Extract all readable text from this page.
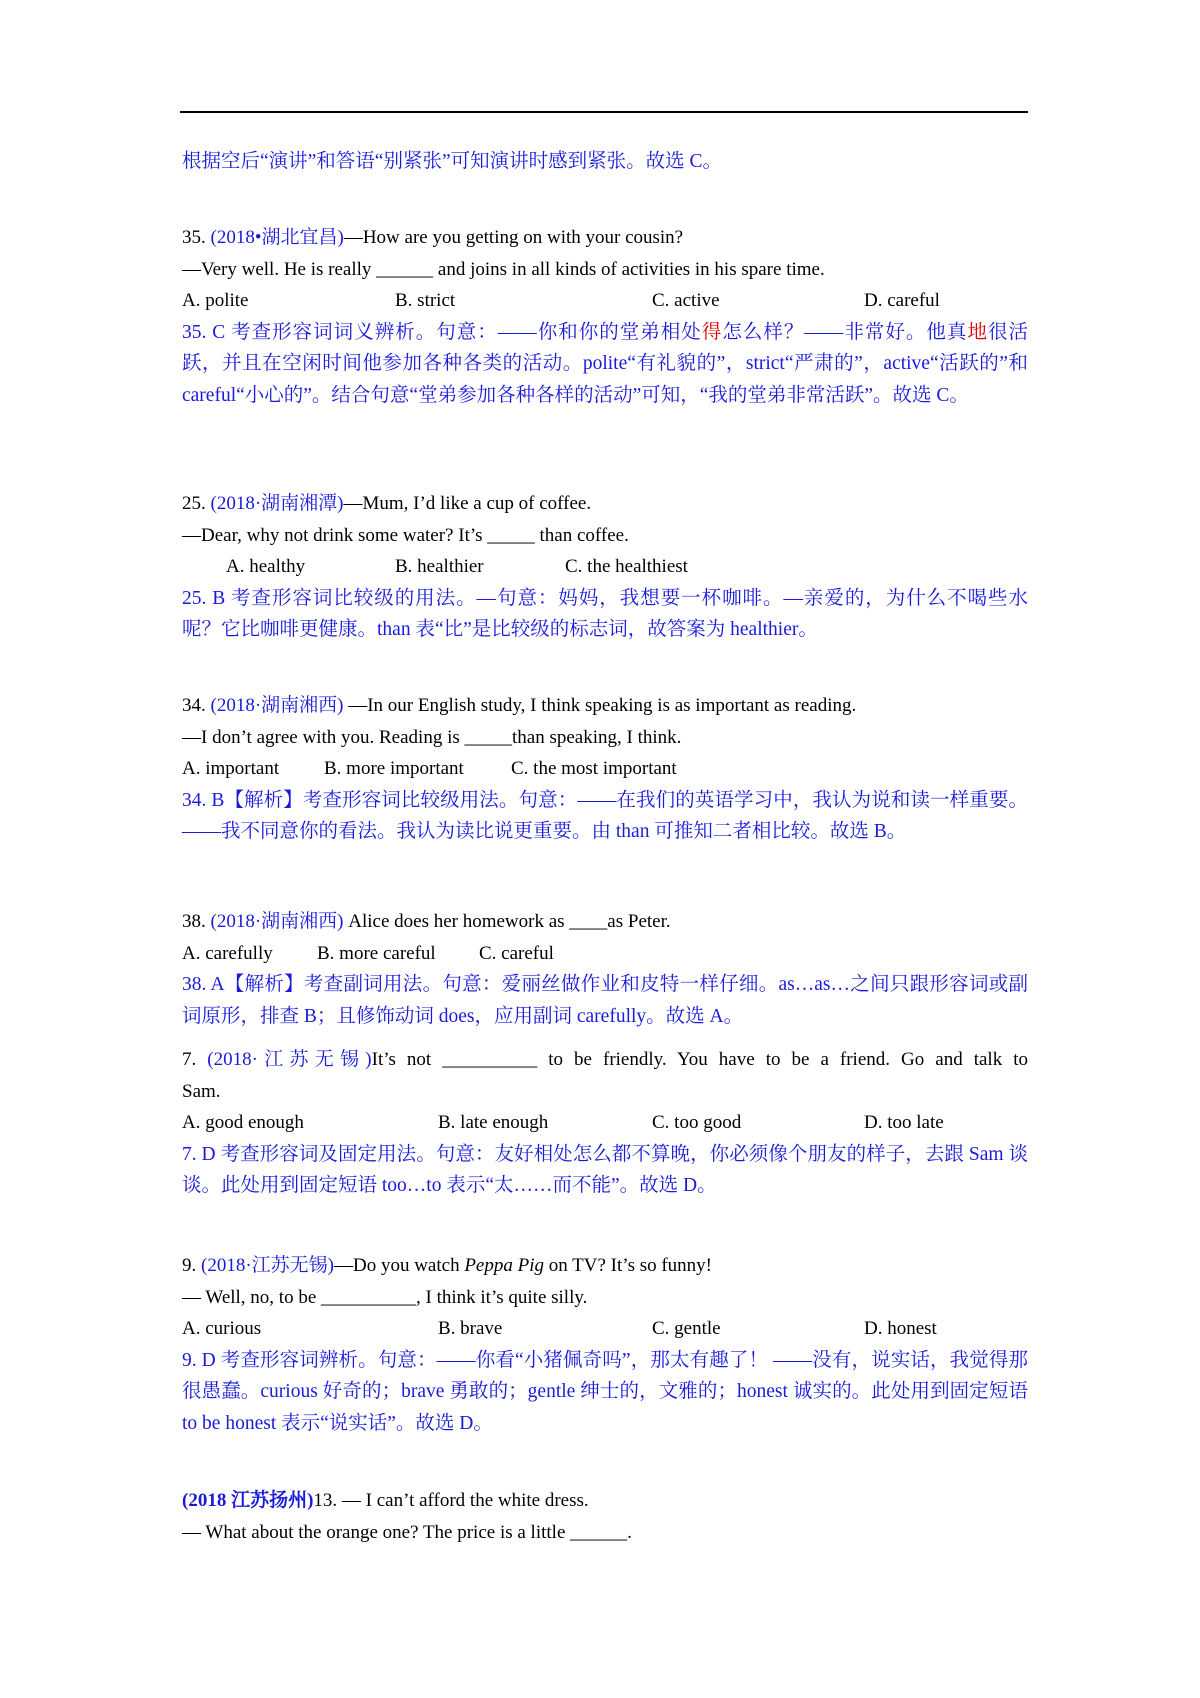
根据空后“演讲”和答语“别紧张”可知演讲时感到紧张。故选 C。
35. (2018•湖北宜昌)—How are you getting on with your cousin?
—Very well. He is really ______ and joins in all kinds of activities in his spare time.
A. polite	B. strict	C. active	D. careful
35. C 考查形容词词义辨析。句意：——你和你的堂弟相处得怎么样？——非常好。他真地很活跃，并且在空闲时间他参加各种各类的活动。polite“有礼貌的”，strict“严肃的”，active“活跃的”和 careful“小心的”。结合句意“堂弟参加各种各样的活动”可知，“我的堂弟非常活跃”。故选 C。
25. (2018·湖南湘潭)—Mum, I’d like a cup of coffee.
—Dear, why not drink some water? It’s _____ than coffee.
A. healthy	B. healthier	C. the healthiest
25. B 考查形容词比较级的用法。—句意：妈妈，我想要一杯咖啡。—亲爱的，为什么不喝些水呢？它比咖啡更健康。than 表“比”是比较级的标志词，故答案为 healthier。
34. (2018·湖南湘西) —In our English study, I think speaking is as important as reading.
—I don’t agree with you. Reading is _____than speaking, I think.
A. important B. more important C. the most important
34. B【解析】考查形容词比较级用法。句意：——在我们的英语学习中，我认为说和读一样重要。——我不同意你的看法。我认为读比说更重要。由 than 可推知二者相比较。故选 B。
38. (2018·湖南湘西) Alice does her homework as ____as Peter.
A. carefully B. more careful C. careful
38. A【解析】考查副词用法。句意：爱丽丝做作业和皮特一样仔细。as…as…之间只跟形容词或副词原形，排查 B；且修饰动词 does，应用副词 carefully。故选 A。
7. (2018·江苏无锡)It’s not __________ to be friendly. You have to be a friend. Go and talk to
Sam.
A. good enough	B. late enough	C. too good	D. too late
7. D 考查形容词及固定用法。句意：友好相处怎么都不算晚，你必须像个朋友的样子，去跟 Sam 谈谈。此处用到固定短语 too…to 表示“太……而不能”。故选 D。
9. (2018·江苏无锡)—Do you watch Peppa Pig on TV? It’s so funny!
— Well, no, to be __________, I think it’s quite silly.
A. curious	B. brave	C. gentle	D. honest
9. D 考查形容词辨析。句意：——你看“小猪佩奇吗”，那太有趣了！ ——没有，说实话，我觉得那很愚蠢。curious 好奇的；brave 勇敢的；gentle 绅士的，文雅的；honest 诚实的。此处用到固定短语 to be honest 表示“说实话”。故选 D。
(2018 江苏扬州)13. — I can’t afford the white dress.
— What about the orange one? The price is a little ______.
